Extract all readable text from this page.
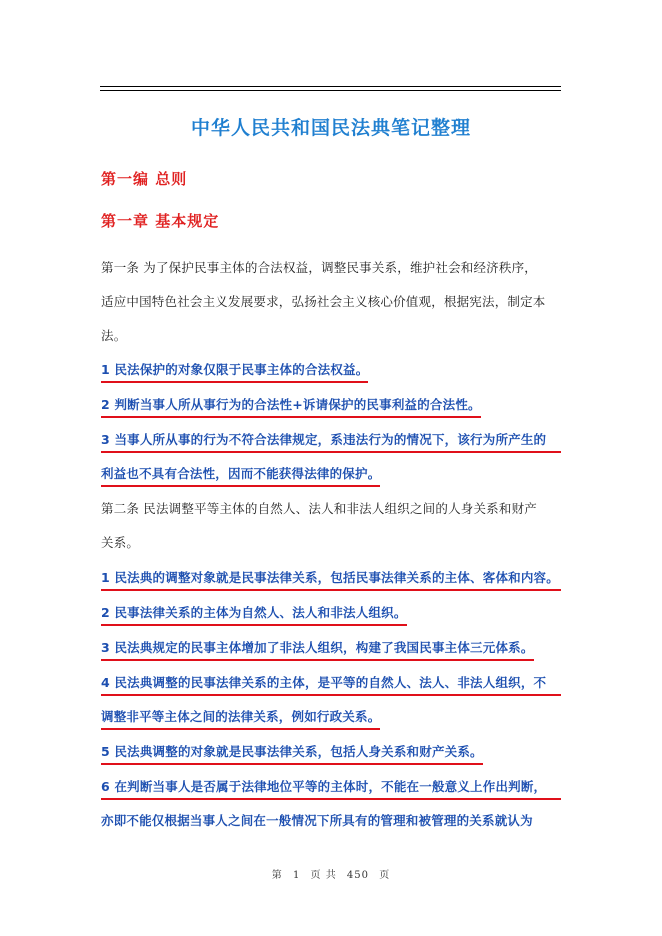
中华人民共和国民法典笔记整理
第一编 总则
第一章 基本规定
第一条 为了保护民事主体的合法权益，调整民事关系，维护社会和经济秩序，
适应中国特色社会主义发展要求，弘扬社会主义核心价值观，根据宪法，制定本
法。
1 民法保护的对象仅限于民事主体的合法权益。
2 判断当事人所从事行为的合法性+诉请保护的民事利益的合法性。
3 当事人所从事的行为不符合法律规定，系违法行为的情况下，该行为所产生的
利益也不具有合法性，因而不能获得法律的保护。
第二条 民法调整平等主体的自然人、法人和非法人组织之间的人身关系和财产
关系。
1 民法典的调整对象就是民事法律关系，包括民事法律关系的主体、客体和内容。
2 民事法律关系的主体为自然人、法人和非法人组织。
3 民法典规定的民事主体增加了非法人组织，构建了我国民事主体三元体系。
4 民法典调整的民事法律关系的主体，是平等的自然人、法人、非法人组织，不
调整非平等主体之间的法律关系，例如行政关系。
5 民法典调整的对象就是民事法律关系，包括人身关系和财产关系。
6 在判断当事人是否属于法律地位平等的主体时，不能在一般意义上作出判断，
亦即不能仅根据当事人之间在一般情况下所具有的管理和被管理的关系就认为
第 1 页 共 450 页
